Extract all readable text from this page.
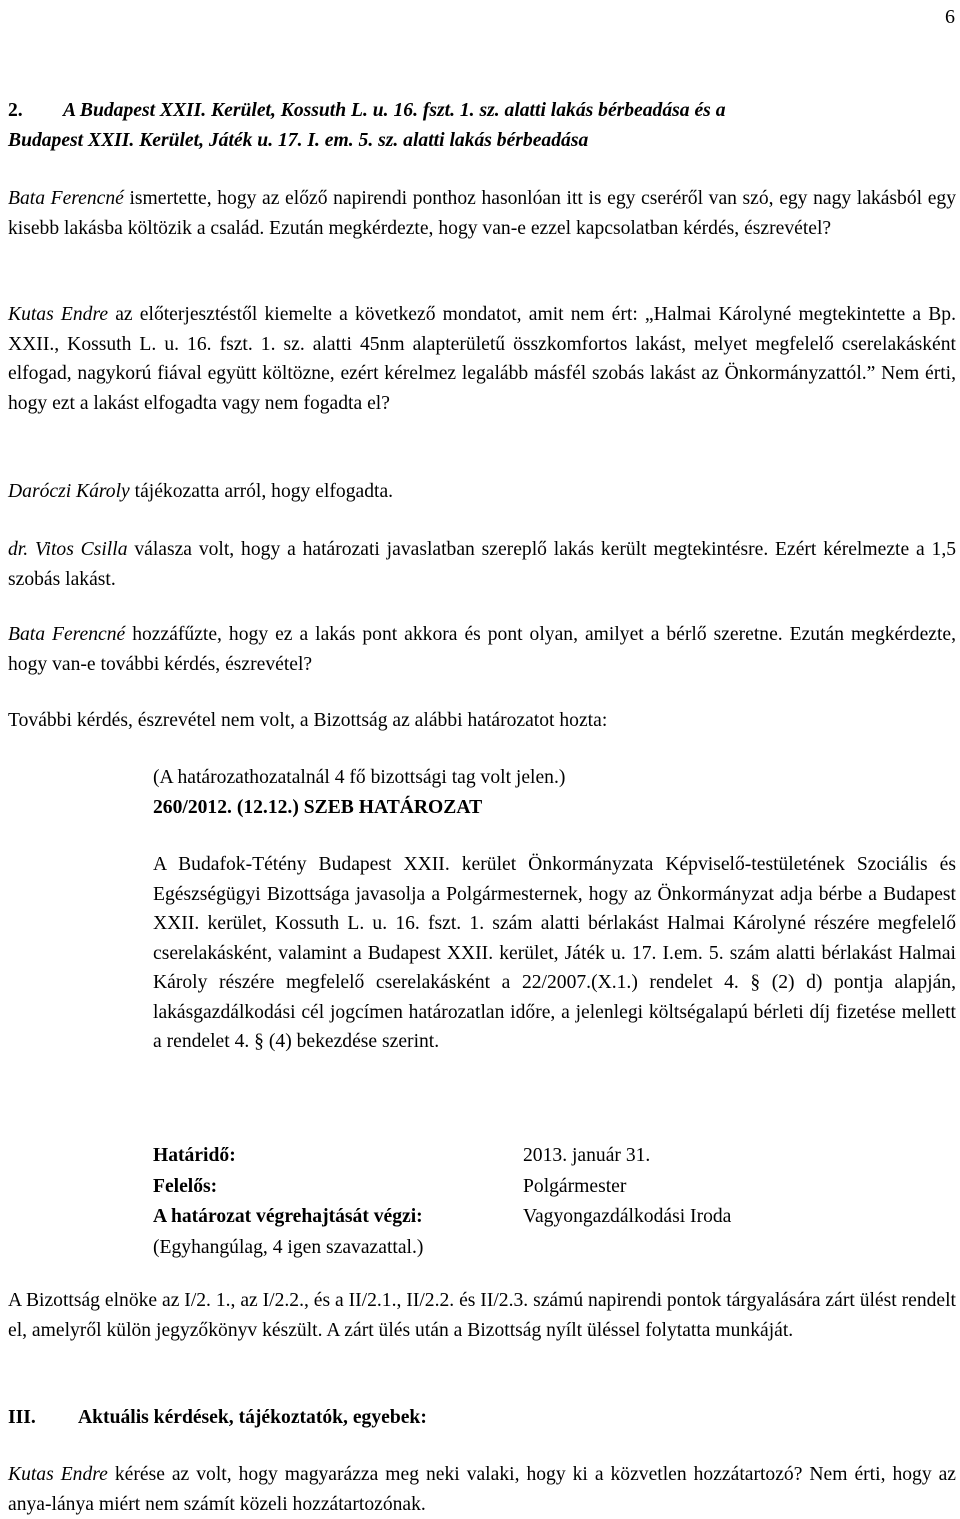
6
2. A Budapest XXII. Kerület, Kossuth L. u. 16. fszt. 1. sz. alatti lakás bérbeadása és a
Budapest XXII. Kerület, Játék u. 17. I. em. 5. sz. alatti lakás bérbeadása

Bata Ferencné ismertette, hogy az előző napirendi ponthoz hasonlóan itt is egy cseréről van szó, egy nagy lakásból egy kisebb lakásba költözik a család. Ezután megkérdezte, hogy van-e ezzel kapcsolatban kérdés, észrevétel?

Kutas Endre az előterjesztéstől kiemelte a következő mondatot, amit nem ért: „Halmai Károlyné megtekintette a Bp. XXII., Kossuth L. u. 16. fszt. 1. sz. alatti 45nm alapterületű összkomfortos lakást, melyet megfelelő cserelakásként elfogad, nagykorú fiával együtt költözne, ezért kérelmez legalább másfél szobás lakást az Önkormányzattól.” Nem érti, hogy ezt a lakást elfogadta vagy nem fogadta el?

Daróczi Károly tájékozatta arról, hogy elfogadta.

dr. Vitos Csilla válasza volt, hogy a határozati javaslatban szereplő lakás került megtekintésre. Ezért kérelmezte a 1,5 szobás lakást.

Bata Ferencné hozzáfűzte, hogy ez a lakás pont akkora és pont olyan, amilyet a bérlő szeretne. Ezután megkérdezte, hogy van-e további kérdés, észrevétel?

További kérdés, észrevétel nem volt, a Bizottság az alábbi határozatot hozta:

(A határozathozatalnál 4 fő bizottsági tag volt jelen.)
260/2012. (12.12.) SZEB HATÁROZAT

A Budafok-Tétény Budapest XXII. kerület Önkormányzata Képviselő-testületének Szociális és Egészségügyi Bizottsága javasolja a Polgármesternek, hogy az Önkormányzat adja bérbe a Budapest XXII. kerület, Kossuth L. u. 16. fszt. 1. szám alatti bérlakást Halmai Károlyné részére megfelelő cserelakásként, valamint a Budapest XXII. kerület, Játék u. 17. I.em. 5. szám alatti bérlakást Halmai Károly részére megfelelő cserelakásként a 22/2007.(X.1.) rendelet 4. § (2) d) pontja alapján, lakásgazdálkodási cél jogcímen határozatlan időre, a jelenlegi költségalapú bérleti díj fizetése mellett a rendelet 4. § (4) bekezdése szerint.

Határidő:	2013. január 31.
Felelős:	Polgármester
A határozat végrehajtását végzi:	Vagyongazdálkodási Iroda
(Egyhangúlag, 4 igen szavazattal.)

A Bizottság elnöke az I/2. 1., az I/2.2., és a II/2.1., II/2.2. és II/2.3. számú napirendi pontok tárgyalására zárt ülést rendelt el, amelyről külön jegyzőkönyv készült. A zárt ülés után a Bizottság nyílt üléssel folytatta munkáját.

III.	Aktuális kérdések, tájékoztatók, egyebek:

Kutas Endre kérése az volt, hogy magyarázza meg neki valaki, hogy ki a közvetlen hozzátartozó? Nem érti, hogy az anya-lánya miért nem számít közeli hozzátartozónak.
